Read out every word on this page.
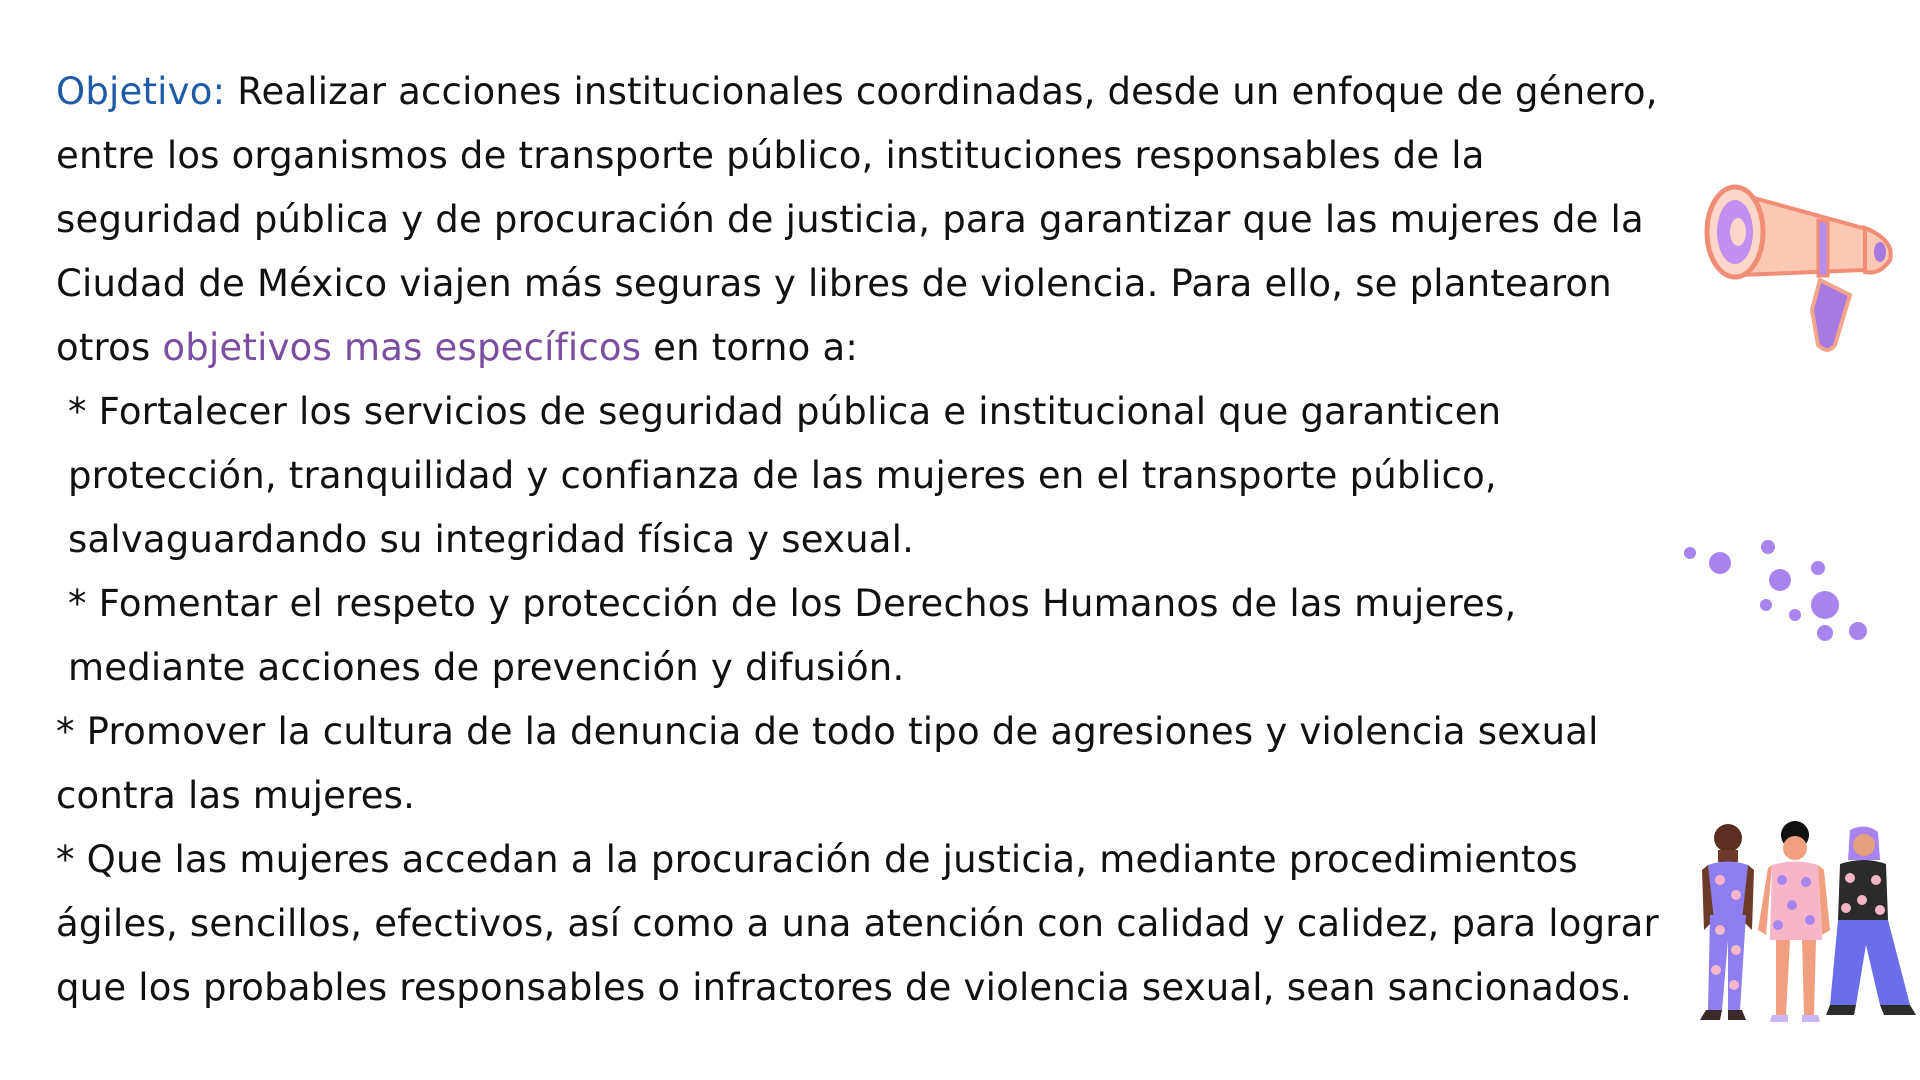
Objetivo: Realizar acciones institucionales coordinadas, desde un enfoque de género, entre los organismos de transporte público, instituciones responsables de la seguridad pública y de procuración de justicia, para garantizar que las mujeres de la Ciudad de México viajen más seguras y libres de violencia. Para ello, se plantearon otros objetivos mas específicos en torno a:

* Fortalecer los servicios de seguridad pública e institucional que garanticen protección, tranquilidad y confianza de las mujeres en el transporte público, salvaguardando su integridad física y sexual.

* Fomentar el respeto y protección de los Derechos Humanos de las mujeres, mediante acciones de prevención y difusión.

* Promover la cultura de la denuncia de todo tipo de agresiones y violencia sexual contra las mujeres.

* Que las mujeres accedan a la procuración de justicia, mediante procedimientos ágiles, sencillos, efectivos, así como a una atención con calidad y calidez, para lograr que los probables responsables o infractores de violencia sexual, sean sancionados.
